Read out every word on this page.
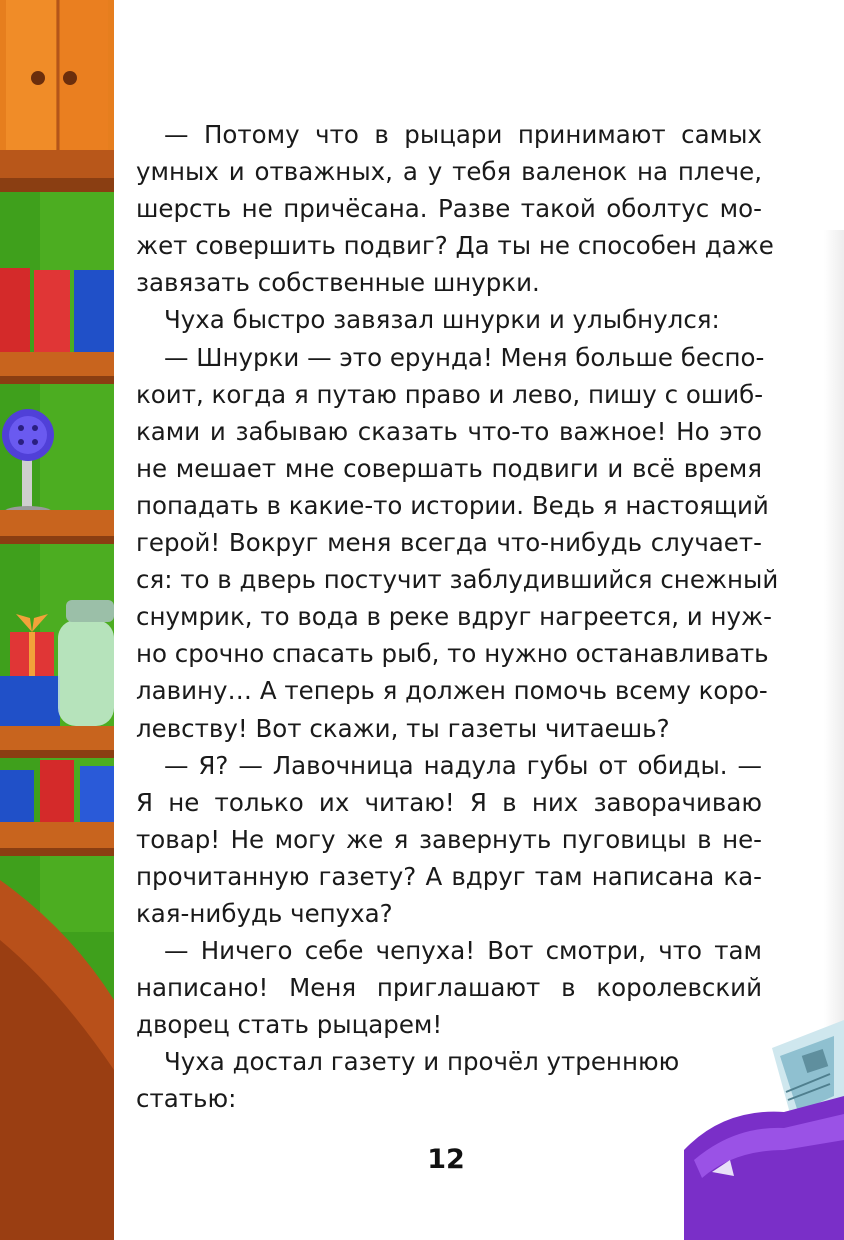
— Потому что в рыцари принимают самых
умных и отважных, а у тебя валенок на плече,
шерсть не причёсана. Разве такой оболтус мо-
жет совершить подвиг? Да ты не способен даже
завязать собственные шнурки.
Чуха быстро завязал шнурки и улыбнулся:
— Шнурки — это ерунда! Меня больше беспо-
коит, когда я путаю право и лево, пишу с ошиб-
ками и забываю сказать что-то важное! Но это
не мешает мне совершать подвиги и всё время
попадать в какие-то истории. Ведь я настоящий
герой! Вокруг меня всегда что-нибудь случает-
ся: то в дверь постучит заблудившийся снежный
снумрик, то вода в реке вдруг нагреется, и нуж-
но срочно спасать рыб, то нужно останавливать
лавину… А теперь я должен помочь всему коро-
левству! Вот скажи, ты газеты читаешь?
— Я? — Лавочница надула губы от обиды. —
Я не только их читаю! Я в них заворачиваю
товар! Не могу же я завернуть пуговицы в не-
прочитанную газету? А вдруг там написана ка-
кая-нибудь чепуха?
— Ничего себе чепуха! Вот смотри, что там
написано! Меня приглашают в королевский
дворец стать рыцарем!
Чуха достал газету и прочёл утреннюю
статью:
12
